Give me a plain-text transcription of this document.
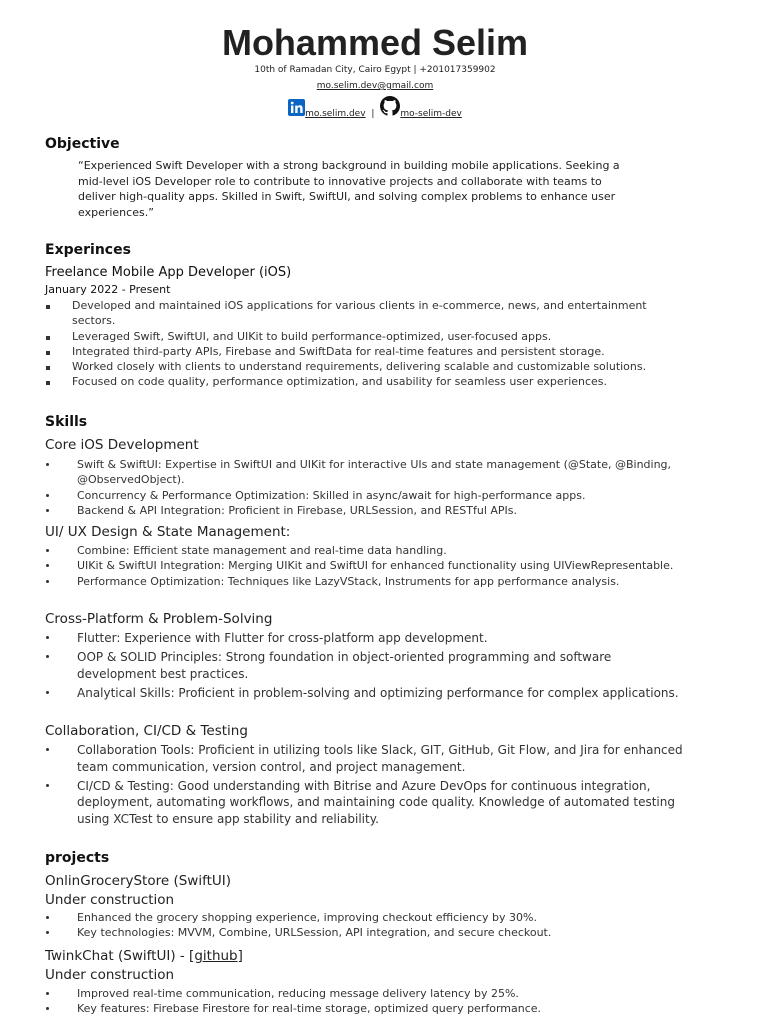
Mohammed Selim
10th of Ramadan City, Cairo Egypt | +201017359902
mo.selim.dev@gmail.com
mo.selim.dev |	mo-selim-dev
Objective
“Experienced Swift Developer with a strong background in building mobile applications. Seeking a mid-level iOS Developer role to contribute to innovative projects and collaborate with teams to deliver high-quality apps. Skilled in Swift, SwiftUI, and solving complex problems to enhance user experiences.”
Experinces
Freelance Mobile App Developer (iOS)
January 2022 - Present
Developed and maintained iOS applications for various clients in e-commerce, news, and entertainment sectors.
Leveraged Swift, SwiftUI, and UIKit to build performance-optimized, user-focused apps.
Integrated third-party APIs, Firebase and SwiftData for real-time features and persistent storage.
Worked closely with clients to understand requirements, delivering scalable and customizable solutions.
Focused on code quality, performance optimization, and usability for seamless user experiences.
Skills
Core iOS Development
Swift & SwiftUI: Expertise in SwiftUI and UIKit for interactive UIs and state management (@State, @Binding, @ObservedObject).
Concurrency & Performance Optimization: Skilled in async/await for high-performance apps.
Backend & API Integration: Proficient in Firebase, URLSession, and RESTful APIs.
UI/ UX Design & State Management:
Combine: Efficient state management and real-time data handling.
UIKit & SwiftUI Integration: Merging UIKit and SwiftUI for enhanced functionality using UIViewRepresentable.
Performance Optimization: Techniques like LazyVStack, Instruments for app performance analysis.
Cross-Platform & Problem-Solving
Flutter: Experience with Flutter for cross-platform app development.
OOP & SOLID Principles: Strong foundation in object-oriented programming and software development best practices.
Analytical Skills: Proficient in problem-solving and optimizing performance for complex applications.
Collaboration, CI/CD & Testing
Collaboration Tools: Proficient in utilizing tools like Slack, GIT, GitHub, Git Flow, and Jira for enhanced team communication, version control, and project management.
CI/CD & Testing: Good understanding with Bitrise and Azure DevOps for continuous integration, deployment, automating workflows, and maintaining code quality. Knowledge of automated testing using XCTest to ensure app stability and reliability.
projects
OnlinGroceryStore (SwiftUI)
Under construction
Enhanced the grocery shopping experience, improving checkout efficiency by 30%.
Key technologies: MVVM, Combine, URLSession, API integration, and secure checkout.
TwinkChat (SwiftUI) - [github]
Under construction
Improved real-time communication, reducing message delivery latency by 25%.
Key features: Firebase Firestore for real-time storage, optimized query performance.
